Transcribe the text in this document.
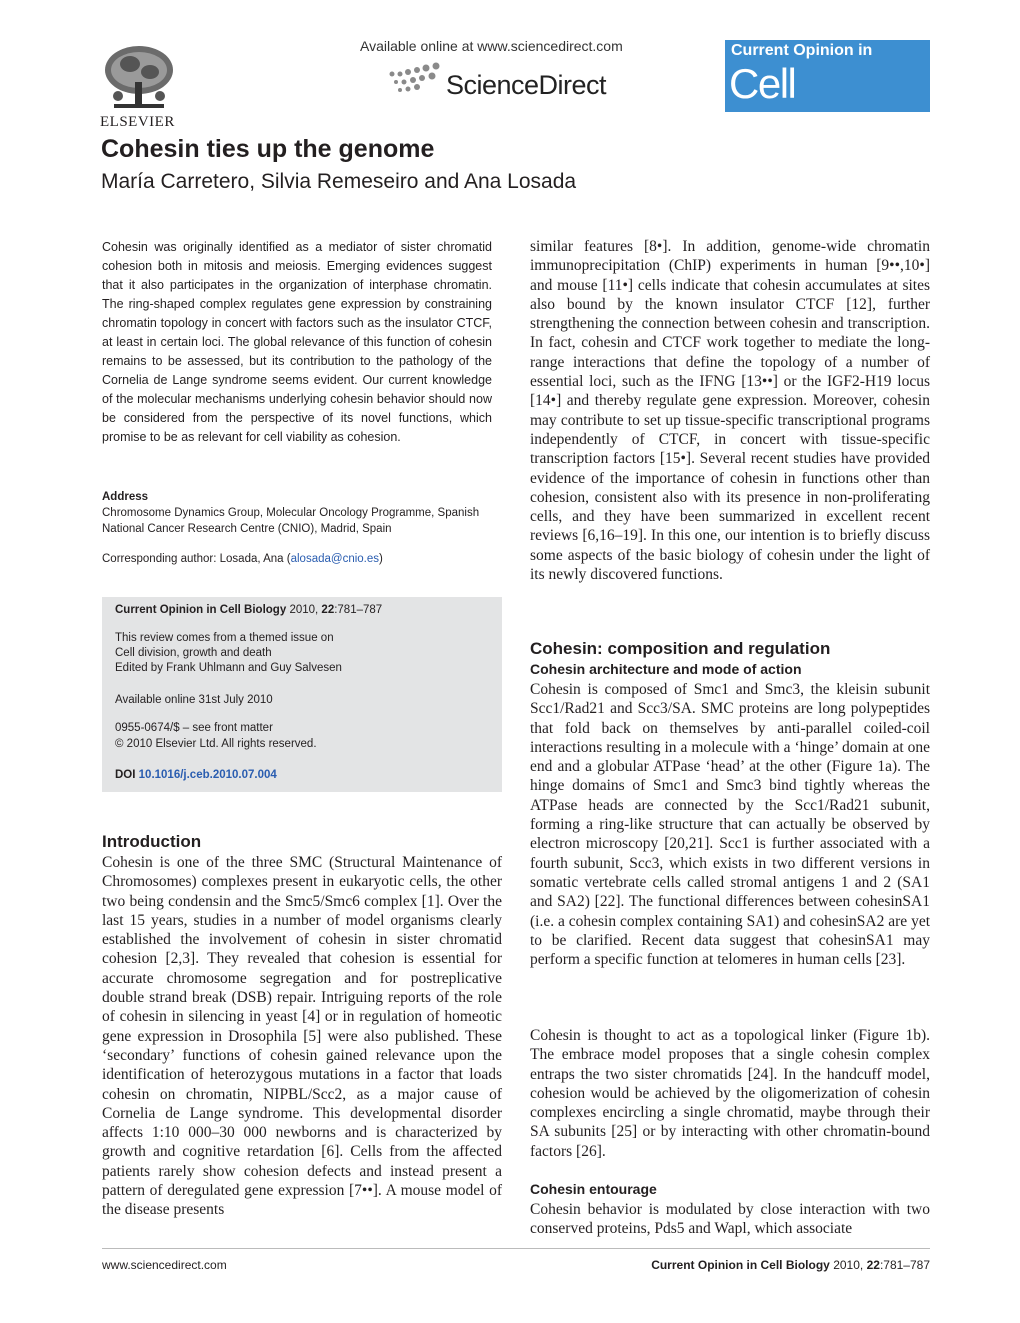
ELSEVIER
Available online at www.sciencedirect.com
ScienceDirect
Current Opinion in
Cell Biology
Cohesin ties up the genome

María Carretero, Silvia Remeseiro and Ana Losada

Cohesin was originally identified as a mediator of sister chromatid cohesion both in mitosis and meiosis. Emerging evidences suggest that it also participates in the organization of interphase chromatin. The ring-shaped complex regulates gene expression by constraining chromatin topology in concert with factors such as the insulator CTCF, at least in certain loci. The global relevance of this function of cohesin remains to be assessed, but its contribution to the pathology of the Cornelia de Lange syndrome seems evident. Our current knowledge of the molecular mechanisms underlying cohesin behavior should now be considered from the perspective of its novel functions, which promise to be as relevant for cell viability as cohesion.
Address
Chromosome Dynamics Group, Molecular Oncology Programme, Spanish National Cancer Research Centre (CNIO), Madrid, Spain
Corresponding author: Losada, Ana (alosada@cnio.es)
Current Opinion in Cell Biology 2010, 22:781–787
This review comes from a themed issue on
Cell division, growth and death
Edited by Frank Uhlmann and Guy Salvesen
Available online 31st July 2010
0955-0674/$ – see front matter
© 2010 Elsevier Ltd. All rights reserved.
DOI 10.1016/j.ceb.2010.07.004
Introduction
Cohesin is one of the three SMC (Structural Maintenance of Chromosomes) complexes present in eukaryotic cells, the other two being condensin and the Smc5/Smc6 complex [1]. Over the last 15 years, studies in a number of model organisms clearly established the involvement of cohesin in sister chromatid cohesion [2,3]. They revealed that cohesion is essential for accurate chromosome segregation and for postreplicative double strand break (DSB) repair. Intriguing reports of the role of cohesin in silencing in yeast [4] or in regulation of homeotic gene expression in Drosophila [5] were also published. These ‘secondary’ functions of cohesin gained relevance upon the identification of heterozygous mutations in a factor that loads cohesin on chromatin, NIPBL/Scc2, as a major cause of Cornelia de Lange syndrome. This developmental disorder affects 1:10 000–30 000 newborns and is characterized by growth and cognitive retardation [6]. Cells from the affected patients rarely show cohesion defects and instead present a pattern of deregulated gene expression [7••]. A mouse model of the disease presents
similar features [8•]. In addition, genome-wide chromatin immunoprecipitation (ChIP) experiments in human [9••,10•] and mouse [11•] cells indicate that cohesin accumulates at sites also bound by the known insulator CTCF [12], further strengthening the connection between cohesin and transcription. In fact, cohesin and CTCF work together to mediate the long-range interactions that define the topology of a number of essential loci, such as the IFNG [13••] or the IGF2-H19 locus [14•] and thereby regulate gene expression. Moreover, cohesin may contribute to set up tissue-specific transcriptional programs independently of CTCF, in concert with tissue-specific transcription factors [15•]. Several recent studies have provided evidence of the importance of cohesin in functions other than cohesion, consistent also with its presence in non-proliferating cells, and they have been summarized in excellent recent reviews [6,16–19]. In this one, our intention is to briefly discuss some aspects of the basic biology of cohesin under the light of its newly discovered functions.
Cohesin: composition and regulation
Cohesin architecture and mode of action
Cohesin is composed of Smc1 and Smc3, the kleisin subunit Scc1/Rad21 and Scc3/SA. SMC proteins are long polypeptides that fold back on themselves by anti-parallel coiled-coil interactions resulting in a molecule with a ‘hinge’ domain at one end and a globular ATPase ‘head’ at the other (Figure 1a). The hinge domains of Smc1 and Smc3 bind tightly whereas the ATPase heads are connected by the Scc1/Rad21 subunit, forming a ring-like structure that can actually be observed by electron microscopy [20,21]. Scc1 is further associated with a fourth subunit, Scc3, which exists in two different versions in somatic vertebrate cells called stromal antigens 1 and 2 (SA1 and SA2) [22]. The functional differences between cohesinSA1 (i.e. a cohesin complex containing SA1) and cohesinSA2 are yet to be clarified. Recent data suggest that cohesinSA1 may perform a specific function at telomeres in human cells [23].
Cohesin is thought to act as a topological linker (Figure 1b). The embrace model proposes that a single cohesin complex entraps the two sister chromatids [24]. In the handcuff model, cohesion would be achieved by the oligomerization of cohesin complexes encircling a single chromatid, maybe through their SA subunits [25] or by interacting with other chromatin-bound factors [26].
Cohesin entourage
Cohesin behavior is modulated by close interaction with two conserved proteins, Pds5 and Wapl, which associate
www.sciencedirect.com	Current Opinion in Cell Biology 2010, 22:781–787
